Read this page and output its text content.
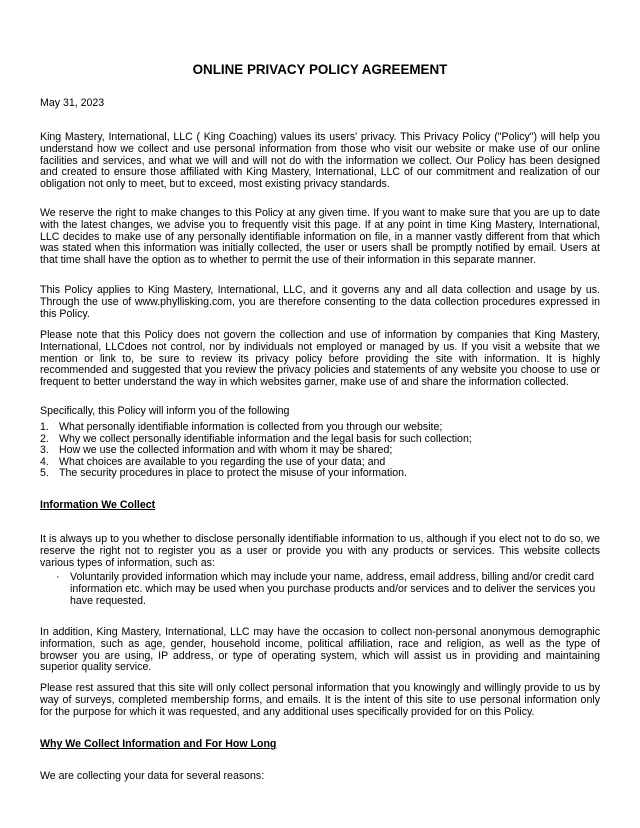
ONLINE PRIVACY POLICY AGREEMENT

May 31, 2023

King Mastery, International, LLC ( King Coaching) values its users' privacy. This Privacy Policy ("Policy") will help you understand how we collect and use personal information from those who visit our website or make use of our online facilities and services, and what we will and will not do with the information we collect. Our Policy has been designed and created to ensure those affiliated with King Mastery, International, LLC of our commitment and realization of our obligation not only to meet, but to exceed, most existing privacy standards.

We reserve the right to make changes to this Policy at any given time. If you want to make sure that you are up to date with the latest changes, we advise you to frequently visit this page. If at any point in time King Mastery, International, LLC decides to make use of any personally identifiable information on file, in a manner vastly different from that which was stated when this information was initially collected, the user or users shall be promptly notified by email. Users at that time shall have the option as to whether to permit the use of their information in this separate manner.

This Policy applies to King Mastery, International, LLC, and it governs any and all data collection and usage by us. Through the use of www.phyllisking.com, you are therefore consenting to the data collection procedures expressed in this Policy.

Please note that this Policy does not govern the collection and use of information by companies that King Mastery, International, LLCdoes not control, nor by individuals not employed or managed by us. If you visit a website that we mention or link to, be sure to review its privacy policy before providing the site with information. It is highly recommended and suggested that you review the privacy policies and statements of any website you choose to use or frequent to better understand the way in which websites garner, make use of and share the information collected.

Specifically, this Policy will inform you of the following

1. What personally identifiable information is collected from you through our website;
2. Why we collect personally identifiable information and the legal basis for such collection;
3. How we use the collected information and with whom it may be shared;
4. What choices are available to you regarding the use of your data; and
5. The security procedures in place to protect the misuse of your information.

Information We Collect

It is always up to you whether to disclose personally identifiable information to us, although if you elect not to do so, we reserve the right not to register you as a user or provide you with any products or services. This website collects various types of information, such as:

· Voluntarily provided information which may include your name, address, email address, billing and/or credit card information etc. which may be used when you purchase products and/or services and to deliver the services you have requested.

In addition, King Mastery, International, LLC may have the occasion to collect non-personal anonymous demographic information, such as age, gender, household income, political affiliation, race and religion, as well as the type of browser you are using, IP address, or type of operating system, which will assist us in providing and maintaining superior quality service.

Please rest assured that this site will only collect personal information that you knowingly and willingly provide to us by way of surveys, completed membership forms, and emails. It is the intent of this site to use personal information only for the purpose for which it was requested, and any additional uses specifically provided for on this Policy.

Why We Collect Information and For How Long

We are collecting your data for several reasons:
